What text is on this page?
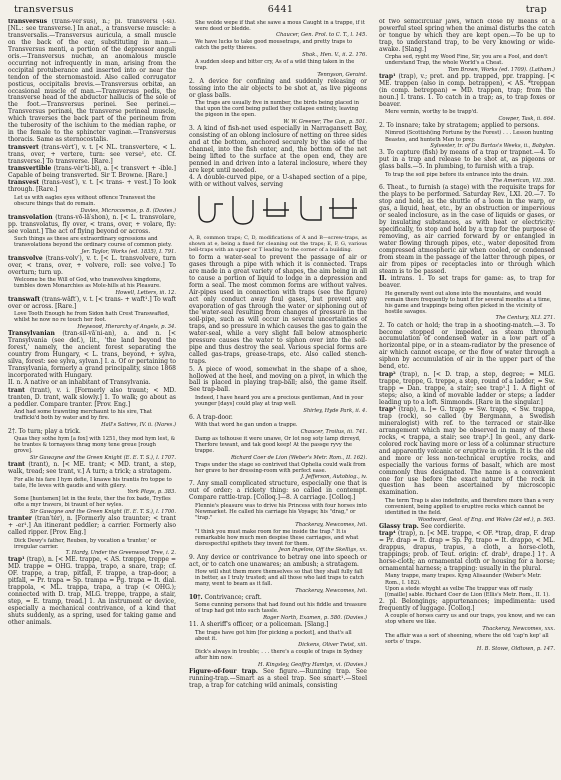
transversus	6441	trap
transversus (trans-vėr′sus), n.; pl. transversi (-si). [NL.: see transverse.] In anat., a transverse muscle: a transversalis.—Transversus auricula, a small muscle on the back of the ear, substituting in man.—Transversus menti, a portion of the depressor anguli oris.—Transversus nuchæ, an anomalous muscle occurring not infrequently in man, arising from the occipital protuberance and inserted into or near the tendon of the sternomastoid. Also called corrugator posticus, occipitalis brevis.—Transversus orbitæ, an occasional muscle of man.—Transversus pedis, the transverse head of the abductor hallucis of the sole of the foot.—Transversus perinei. See perinei.—Transversus perinæi, the transverse perineal muscle, which traverses the back part of the perineum from the tuberosity of the ischium to the median raphe, or in the female to the sphincter vaginæ.—Transversus thoracis. Same as sternocostalis.
transvert (trans-vėrt′), v. t. [< NL. transvertere, < L. trans, over, + vertere, turn: see verse¹, etc. Cf. transverse.] To transverse. [Rare.]
transvertible (trans-vėr′ti-bl), a. [< transvert + -ible.] Capable of being transverted. Sir T. Browne. [Rare.]
transvest (trans-vest′), v. t. [< trans- + vest.] To look through. [Rare.]
Let us with eagles eyes without offence Transvest the obscure things that do remain.
Davies, Microcosmos, p. 8. (Davies.)
transvolation (trans-vō-lā′shon), n. [< L. transvolare, pp. transvolatus, fly over, < trans, over, + volare, fly: see volant.] The act of flying beyond or across.
Such things as these are extraordinary egressions and transvolations beyond the ordinary course of common piety.
Jer. Taylor, Works (ed. 1835), I. 791.
transvolve (trans-volv′), v. t. [< L. transvolvere, turn over, < trans, over, + volvere, roll: see volve.] To overturn; turn up.
Welcome be the Will of God, who transvolves kingdoms, tumbles down Monarchies as Mole-hills at his Pleasure.
Howell, Letters, iii. 12.
transwaft (trans-wäft′), v. t. [< trans- + waft¹.] To waft over or across. [Rare.]
Love Tooth Enough he from Sidon hath Crest Transwafted, whilst he now no re touch her foot.
Heywood, Hierarchy of Angels, p. 34.
Transylvanian (tran-sil-vā′ni-an), a. and n. [< Transylvania (see def.), lit., 'the land beyond the forest,' namely, the ancient forest separating the country from Hungary, < L. trans, beyond, + sylva, silva, forest: see sylva, sylvan.] I. a. Of or pertaining to Transylvania, formerly a grand principality, since 1868 incorporated with Hungary.
II. n. A native or an inhabitant of Transylvania.
trant (trant), v. i. [Formerly also traunt; < MD. tranten, D. trant, walk slowly.] 1. To walk; go about as a peddler. Compare tranter. [Prov. Eng.]
And had some trawnting merchaunt to his sire, That trafficki'd both by water and by fire.
Hall's Satires, IV. ii. (Nares.)
2†. To turn; play a trick.
Quas they sothe hym [a fox] with 1251, they mod hym lest, & he trantes & tornayees thrag mony tene greue [rough grove].
Sir Gawayne and the Green Knight (E. E. T. S.), l. 1707.
trant (trant), n. [< ME. trant; < MD. trant, a step, walk, tread; see trant, v.] A turn; a trick; a stratagem.
For alle his fare I hym defie, I knawe his trantis fro toppe to taile, He leves with gaudis and with gilery.
York Plays, p. 383.
Some [huntsmen] let in the feute, ther the fox bade, Tryfles ofte a myr travers, bi traunt of her wyles.
Sir Gawayne and the Green Knight (E. E. T. S.), l. 1700.
tranter (tran′tėr), n. [Formerly also traunter; < trant + -er¹.] An itinerant peddler; a carrier. Formerly also called ripper. [Prov. Eng.]
Dick Dewy's father, Reuben, by vocation a 'tranter,' or irregular carrier.
T. Hardy, Under the Greenwood Tree, i. 2.
trap¹ (trap), n. [< ME. trappe, < AS. træppe, treppe = MD. trappe = OHG. trappa, trapo, a snare, trap; cf. OF. trappe, a trap, pitfall, F. trappe, a trap-door, a pitfall, = Pr. trapa = Sp. trampa = Pg. trapa = It. dial. trappola, < ML. trappa, trapa, a trap (< OHG.); connected with D. trap, MLG. treppe, trappe, a stair, step, = E. tramp, tread.] 1. An instrument or device, especially a mechanical contrivance, of a kind that shuts suddenly, as a spring, used for taking game and other animals.
She wolde wepe if that she sawe a mous Caught in a trappe, if it were deed or bledde.
Chaucer, Gen. Prol. to C. T., l. 145.
We have lucks to take good mousetraps, and pretty traps to catch the petty thieves.
Shak., Hen. V., ii. 2. 176.
A sudden sleep and bitter cry, As of a wild thing taken in the trap.
Tennyson, Geraint.
2. A device for confining and suddenly releasing or tossing into the air objects to be shot at, as live pigeons or glass balls.
The traps are usually five in number, the birds being placed in that upon the cord being pulled they collapse entirely, leaving the pigeon in the open.
W. W. Greener, The Gun, p. 501.
3. A kind of fish-net used especially in Narragansett Bay, consisting of an oblong inclosure of netting on three sides and at the bottom, anchored securely by the side of the channel, into the fish enter, and, the bottom of the net being lifted to the surface at the open end, they are penned in and driven into a lateral inclosure, where they are kept until needed.
4. A double-curved pipe, or a U-shaped section of a pipe, with or without valves, serving
A, B, common traps; C, D, modifications of A and B—screw-traps, as shown at e, being a fixed for cleaning out the traps; E, F, G, various bell-traps with an upper or T leading to the corner of a building.
to form a water-seal to prevent the passage of air or gases through a pipe with which it is connected. Traps are made in a great variety of shapes, the aim being in all to cause a portion of liquid to lodge in a depression and form a seal. The most common forms are without valves. Air-pipes used in connection with traps (see the figure) act only conduct away foul gases, but prevent any evaporation of gas through the water or siphoning out of the water-seal resulting from changes of pressure in the soil-pipe, such as will occur in several uncertainties of traps, and so pressure in which causes the gas to gain the water-seal, while a very slight fall below atmospheric pressure causes the water to siphon over into the soil-pipe and thus destroy the seal. Various special forms are called gas-traps, grease-traps, etc. Also called stench-traps.
5. A piece of wood, somewhat in the shape of a shoe, hollowed at the heel, and moving on a pivot, in which the ball is placed in playing trap-ball; also, the game itself. See trap-ball.
Indeed, I have heard you are a precious gentleman, And in your younger [days] could play at trap well.
Shirley, Hyde Park, ii. 4.
6. A trap-door.
With that word he gan undon a trappe.
Chaucer, Troilus, iii. 741.
Damp as tolhouse it were unawe, Or lot nog soty lamp dirreyd, Therfore tewant, and tak good keep! At the passge ryvy the trappe.
Richard Coer de Lion (Weber's Metr. Rom., II. 162).
Traps under the stage so contrived that Ophelia could walk from her grave to her dressing-room with perfect ease.
J. Jefferson, Autobiog., iv.
7. Any small complicated structure, especially one that is out of order; a rickety thing: so called in contempt. Compare rattle-trap. [Colloq.]—8. A carriage. [Colloq.]
Flennie's pleasure was to drive his Princess with four horses into Newmarket. He called his carriage his Voyage; his "drag," or "trap."
Thackeray, Newcomes, lvii.
"I think you must make room for me inside the trap." It is remarkable how much men despise these carriages, and what disrespectful epithets they invent for them.
Jean Ingelow, Off the Skelligs, xx.
9. Any device or contrivance to betray one into speech or act, or to catch one unawares; an ambush; a stratagem.
How will shut them more themselves so that they shall fully fall in better, as I truly trusted; and all those who laid traps to catch many, went to beam as it fall.
Thackeray, Newcomes, lvii.
10†. Contrivance; craft.
Some cunning persons that had found out his fiddle and treasure of trap had got into such tassle.
Roger North, Examen, p. 580. (Davies.)
11. A sheriff's officer, or a policeman. [Slang.]
The traps have got him [for picking a pocket], and that's all about it.
Dickens, Oliver Twist, xiii.
Dick's always in trouble; . . . there's a couple of traps in Sydney after him now.
H. Kingsley, Geoffry Hamlyn, vi. (Davies.)
Figure-of-four trap. See figure.—Running trap. See running-trap.—Smart as a steel trap. See smart¹.—Steel trap, a trap for catching wild animals, consisting
of two semicircular jaws, which close by means of a powerful steel spring when the animal disturbs the catch or tongue by which they are kept open.—To be up to trap, to understand trap, to be very knowing or wide-awake. [Slang.]
Crpha sed, ryght my Wood Fine, Sir, you are a Fool, and don't understand Trap, the whole World's a Cheat.
Tom Brown, Works (ed. 1709). (Latham.)
trap¹ (trap), v.; pret. and pp. trapped, ppr. trapping. [< ME. trappen (also in comp. betrappen), < AS. *treppan (in comp. betreppan) = MD. trappen, trap; from the noun.] I. trans. 1. To catch in a trap; as, to trap foxes or beaver.
Mere vermin, worthy to be trapp'd.
Cowper, Task, ii. 664.
2. To insnare; take by stratagem; applied to persons.
Nimrod (Scottish(ing Fortune by the Forest) . . . Lesson hunting Beastes, and hunteth Men to prey.
Sylvester, tr. of Du Bartas's Weeks, ii., Babylon.
3. To capture (fish) by means of a trap or trapnet.—4. To put in a trap and release to be shot at, as pigeons or glass balls.—5. In plumbing, to furnish with a trap.
To trap the soil pipe before its entrance into the drain.
The American, VII. 398.
6. Theat., to furnish (a stage) with the requisite traps for the plays to be performed. Saturday Rev., LXI. 20.—7. To stop and hold, as the shuttle of a loom in the warp, or gas, a liquid, heat, etc., by an obstruction or impervious or sealed inclosure, as in the case of liquids or gases, or by insulating substances, as with heat or electricity: specifically, to stop and hold by a trap for the purpose of removing, as air carried forward by or entangled in water flowing through pipes, etc., water deposited from compressed atmospheric air when cooled, or condensed from steam in the passage of the latter through pipes, or air from pipes or receptacles into or through which steam is to be passed.
II. intrans. 1. To set traps for game: as, to trap for beaver.
He generally went out alone into the mountains, and would remain there frequently to hunt if for several months at a time, his game and trappings being often picked in the vicinity of hostile savages.
The Century, XLI. 271.
2. To catch or hold; the trap in a shooting-match.—3. To become stopped or impeded, as steam through accumulation of condensed water in a low part of a horizontal pipe, or in a steam-radiator by the presence of air which cannot escape, or the flow of water through a siphon by accumulation of air in the upper part of the bend, etc.
trap² (trap), n. [< D. trap, a step, degree; = MLG. trappe, treppe, G. treppe, a step, round of a ladder, = Sw. trapp = Dan. trappe, a stair; see trap¹.] 1. A flight of steps; also, a kind of movable ladder or steps; a ladder leading up to a loft. Simmonds. [Rare in the singular.]
trap³ (trap), n. [= G. trapp = Sw. trapp, < Sw. trappa, trap (rock), so called (by Bergmann, a Swedish mineralogist) with ref. to the terraced or stair-like arrangement which may be observed in many of these rocks, < trappa, a stair; see trap².] In geol., any dark-colored rock having more or less of a columnar structure and apparently volcanic or eruptive in origin. It is the old and more or less non-technical eruptive rocks, and especially the various forms of basalt, which are most commonly thus designated. The name is a convenient one for use before the exact nature of the rock in question has been ascertained by microscopic examination.
The term Trap is also indefinite, and therefore more than a very convenient, being applied to eruptive rocks which cannot be identified in the field.
Woodward, Geol. of Eng. and Wales (2d ed.), p. 563.
Glassy trap. See cordierite.
trap⁴ (trap), n. [< ME. trappe, < OF. *trap, drap, F. drap = Pr. drap = It. drap = Sp. Pg. trapo = It. drappo, < ML. drappus, drapus, trapus, a cloth, a horse-cloth, trappings; prob. of Teut. origin: cf. drab¹, drape.] 1†. A horse-cloth; an ornamental cloth or housing for a horse; ornamental harness; a trapping: usually in the plural.
Many trappe, many trapes. Kyng Alisaunder (Weber's Metr. Rom., I. 182).
Upon a stede whyght as velbe The trappur was off ruely [(maille] sable. Richard Coer de Lion (Ellis's Metr. Rom., II. 1).
2. pl. Belongings; appurtenances; impedimenta: used frequently of luggage. [Colloq.]
A couple of horses carry us and our traps, you know, and we can stop where we like.
Thackeray, Newcomes, xxx.
The affair was a sort of sheening, where the old 'cap'n kep' all sorts o' traps.
H. B. Stowe, Oldtown, p. 147.
